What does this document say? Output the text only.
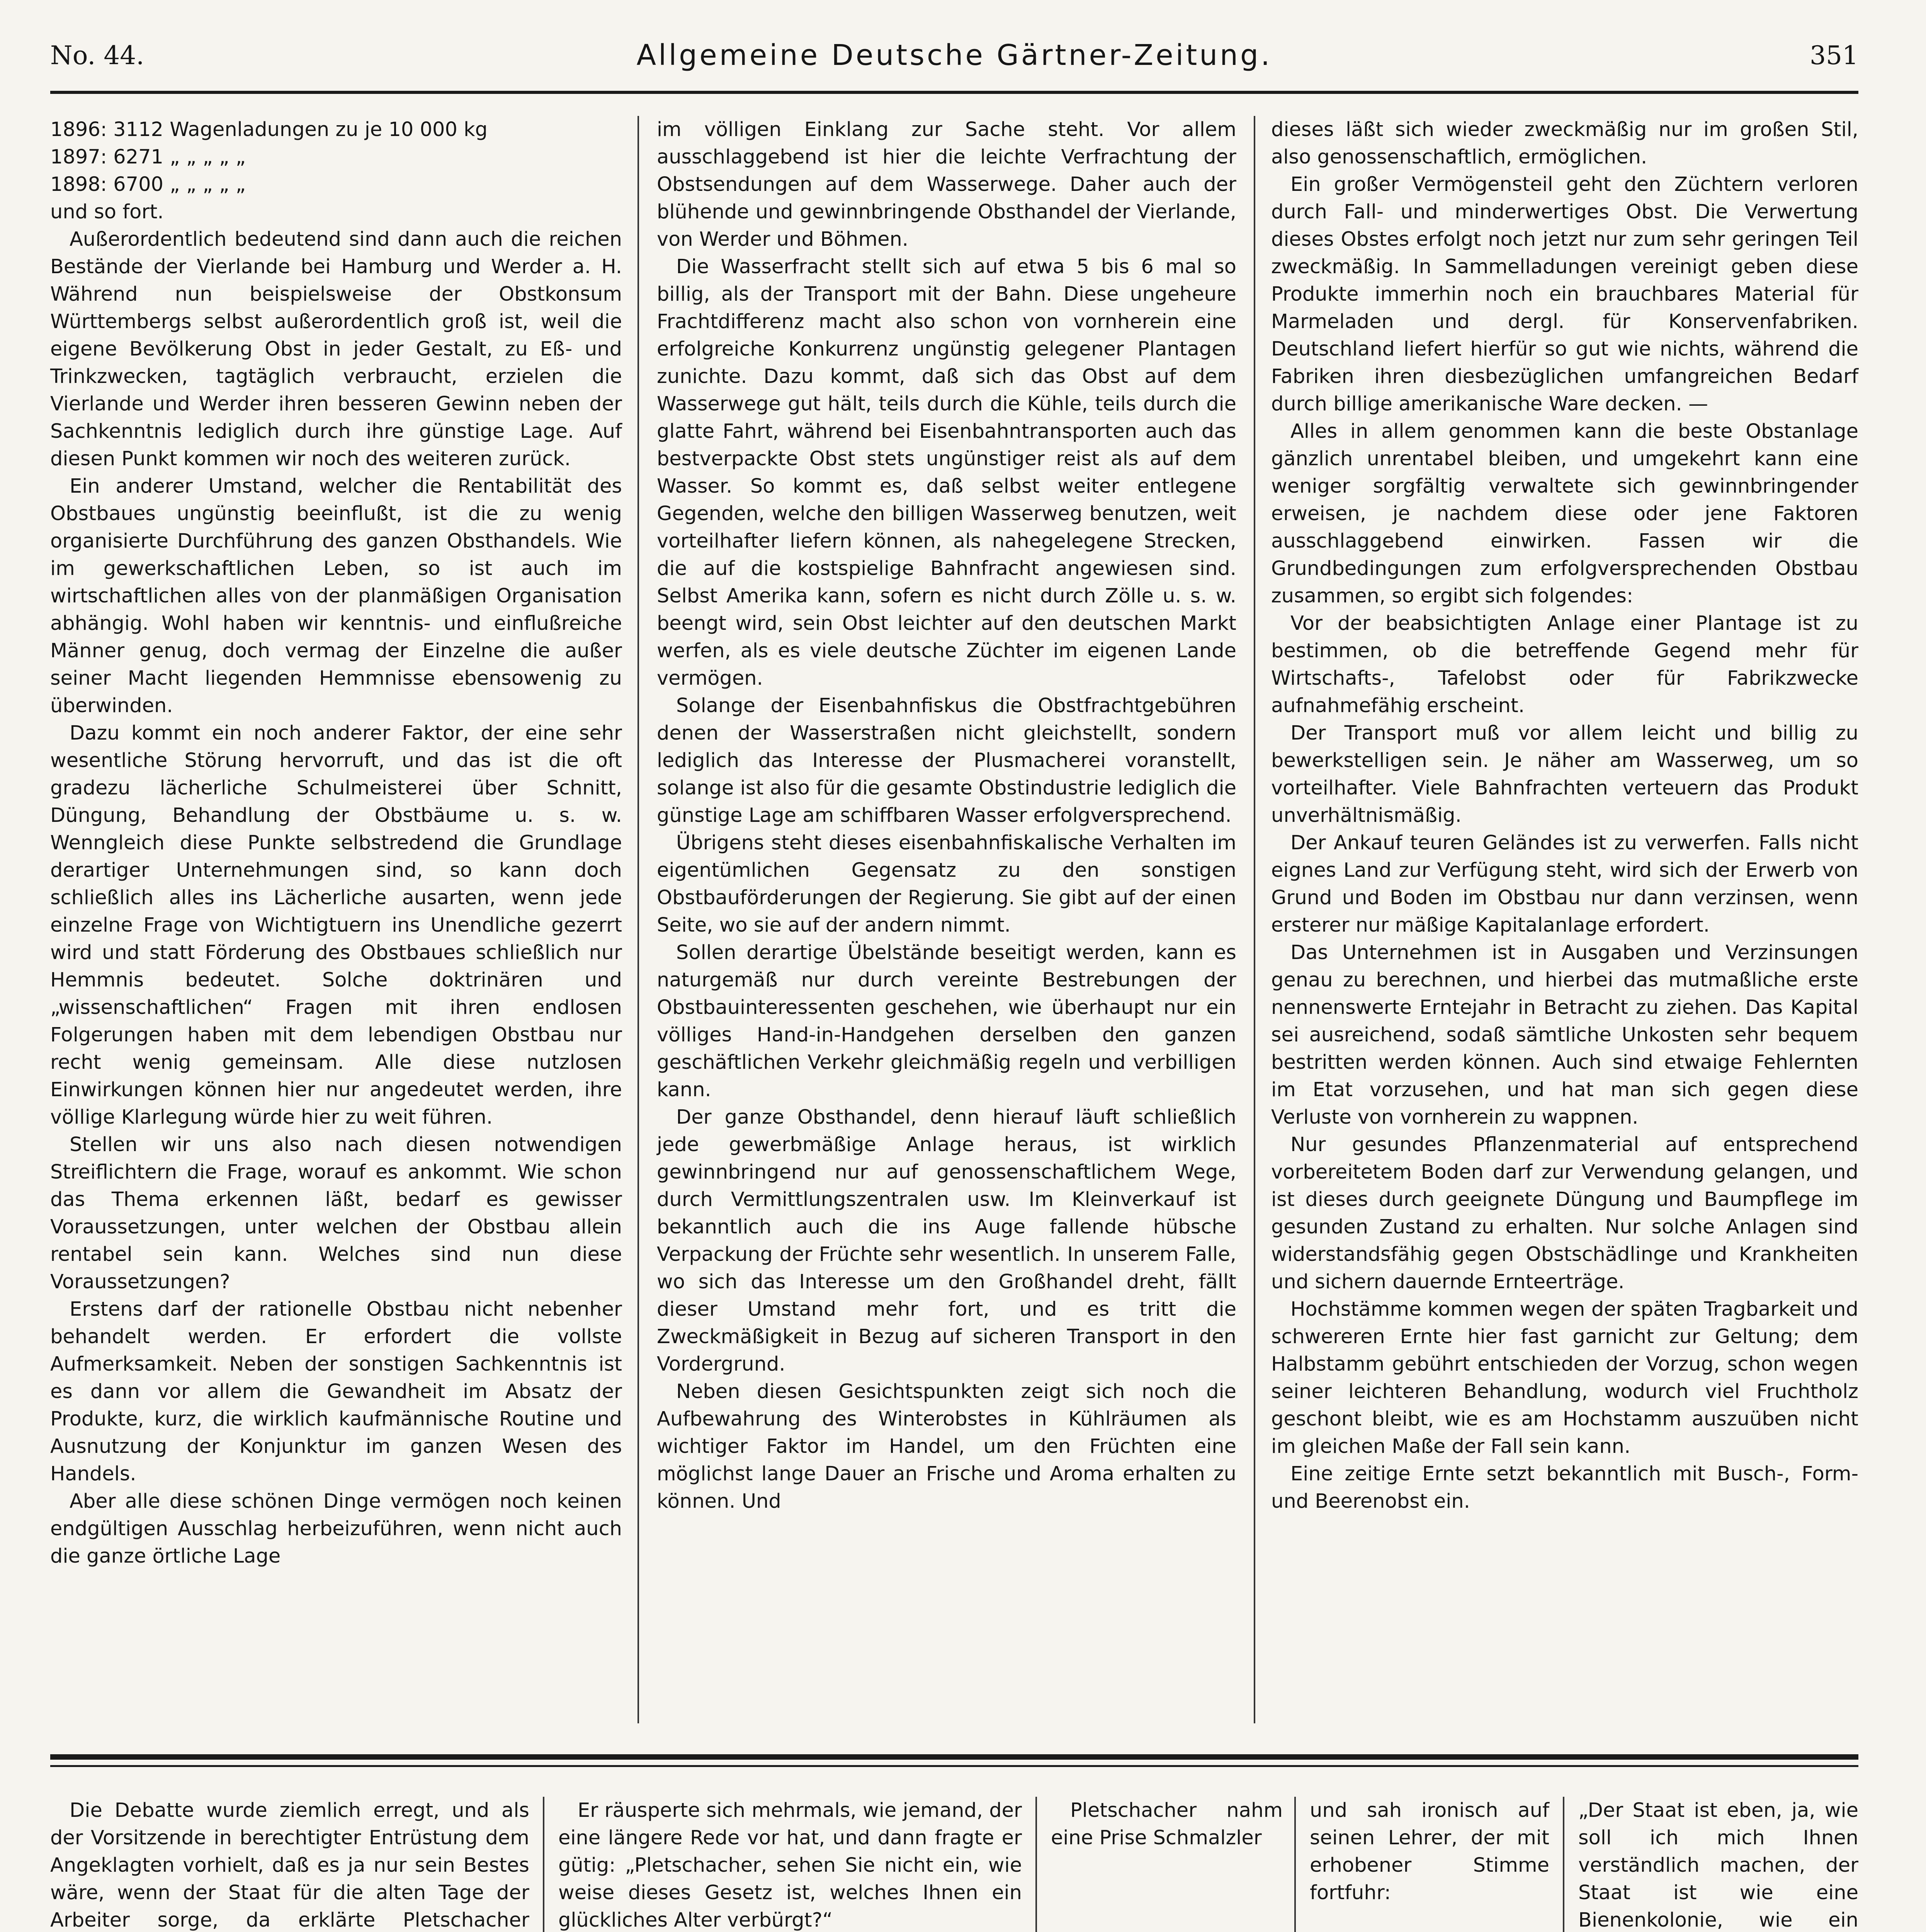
No. 44.	Allgemeine Deutsche Gärtner-Zeitung.	351

1896: 3112 Wagenladungen zu je 10 000 kg

1897: 6271 „ „ „ „ „

1898: 6700 „ „ „ „ „

und so fort.

Außerordentlich bedeutend sind dann auch die reichen Bestände der Vierlande bei Hamburg und Werder a. H. Während nun beispielsweise der Obstkonsum Württembergs selbst außerordentlich groß ist, weil die eigene Bevölkerung Obst in jeder Gestalt, zu Eß- und Trinkzwecken, tagtäglich verbraucht, erzielen die Vierlande und Werder ihren besseren Gewinn neben der Sachkenntnis lediglich durch ihre günstige Lage. Auf diesen Punkt kommen wir noch des weiteren zurück.

Ein anderer Umstand, welcher die Rentabilität des Obstbaues ungünstig beeinflußt, ist die zu wenig organisierte Durchführung des ganzen Obsthandels. Wie im gewerkschaftlichen Leben, so ist auch im wirtschaftlichen alles von der planmäßigen Organisation abhängig. Wohl haben wir kenntnis- und einflußreiche Männer genug, doch vermag der Einzelne die außer seiner Macht liegenden Hemmnisse ebensowenig zu überwinden.

Dazu kommt ein noch anderer Faktor, der eine sehr wesentliche Störung hervorruft, und das ist die oft gradezu lächerliche Schulmeisterei über Schnitt, Düngung, Behandlung der Obstbäume u. s. w. Wenngleich diese Punkte selbstredend die Grundlage derartiger Unternehmungen sind, so kann doch schließlich alles ins Lächerliche ausarten, wenn jede einzelne Frage von Wichtigtuern ins Unendliche gezerrt wird und statt Förderung des Obstbaues schließlich nur Hemmnis bedeutet. Solche doktrinären und „wissenschaftlichen“ Fragen mit ihren endlosen Folgerungen haben mit dem lebendigen Obstbau nur recht wenig gemeinsam. Alle diese nutzlosen Einwirkungen können hier nur angedeutet werden, ihre völlige Klarlegung würde hier zu weit führen.

Stellen wir uns also nach diesen notwendigen Streiflichtern die Frage, worauf es ankommt. Wie schon das Thema erkennen läßt, bedarf es gewisser Voraussetzungen, unter welchen der Obstbau allein rentabel sein kann. Welches sind nun diese Voraussetzungen?

Erstens darf der rationelle Obstbau nicht nebenher behandelt werden. Er erfordert die vollste Aufmerksamkeit. Neben der sonstigen Sachkenntnis ist es dann vor allem die Gewandheit im Absatz der Produkte, kurz, die wirklich kaufmännische Routine und Ausnutzung der Konjunktur im ganzen Wesen des Handels.

Aber alle diese schönen Dinge vermögen noch keinen endgültigen Ausschlag herbeizuführen, wenn nicht auch die ganze örtliche Lage

im völligen Einklang zur Sache steht. Vor allem ausschlaggebend ist hier die leichte Verfrachtung der Obstsendungen auf dem Wasserwege. Daher auch der blühende und gewinnbringende Obsthandel der Vierlande, von Werder und Böhmen.

Die Wasserfracht stellt sich auf etwa 5 bis 6 mal so billig, als der Transport mit der Bahn. Diese ungeheure Frachtdifferenz macht also schon von vornherein eine erfolgreiche Konkurrenz ungünstig gelegener Plantagen zunichte. Dazu kommt, daß sich das Obst auf dem Wasserwege gut hält, teils durch die Kühle, teils durch die glatte Fahrt, während bei Eisenbahntransporten auch das bestverpackte Obst stets ungünstiger reist als auf dem Wasser. So kommt es, daß selbst weiter entlegene Gegenden, welche den billigen Wasserweg benutzen, weit vorteilhafter liefern können, als nahegelegene Strecken, die auf die kostspielige Bahnfracht angewiesen sind. Selbst Amerika kann, sofern es nicht durch Zölle u. s. w. beengt wird, sein Obst leichter auf den deutschen Markt werfen, als es viele deutsche Züchter im eigenen Lande vermögen.

Solange der Eisenbahnfiskus die Obstfrachtgebühren denen der Wasserstraßen nicht gleichstellt, sondern lediglich das Interesse der Plusmacherei voranstellt, solange ist also für die gesamte Obstindustrie lediglich die günstige Lage am schiffbaren Wasser erfolgversprechend.

Übrigens steht dieses eisenbahnfiskalische Verhalten im eigentümlichen Gegensatz zu den sonstigen Obstbauförderungen der Regierung. Sie gibt auf der einen Seite, wo sie auf der andern nimmt.

Sollen derartige Übelstände beseitigt werden, kann es naturgemäß nur durch vereinte Bestrebungen der Obstbauinteressenten geschehen, wie überhaupt nur ein völliges Hand-in-Handgehen derselben den ganzen geschäftlichen Verkehr gleichmäßig regeln und verbilligen kann.

Der ganze Obsthandel, denn hierauf läuft schließlich jede gewerbmäßige Anlage heraus, ist wirklich gewinnbringend nur auf genossenschaftlichem Wege, durch Vermittlungszentralen usw. Im Kleinverkauf ist bekanntlich auch die ins Auge fallende hübsche Verpackung der Früchte sehr wesentlich. In unserem Falle, wo sich das Interesse um den Großhandel dreht, fällt dieser Umstand mehr fort, und es tritt die Zweckmäßigkeit in Bezug auf sicheren Transport in den Vordergrund.

Neben diesen Gesichtspunkten zeigt sich noch die Aufbewahrung des Winterobstes in Kühlräumen als wichtiger Faktor im Handel, um den Früchten eine möglichst lange Dauer an Frische und Aroma erhalten zu können. Und

dieses läßt sich wieder zweckmäßig nur im großen Stil, also genossenschaftlich, ermöglichen.

Ein großer Vermögensteil geht den Züchtern verloren durch Fall- und minderwertiges Obst. Die Verwertung dieses Obstes erfolgt noch jetzt nur zum sehr geringen Teil zweckmäßig. In Sammelladungen vereinigt geben diese Produkte immerhin noch ein brauchbares Material für Marmeladen und dergl. für Konservenfabriken. Deutschland liefert hierfür so gut wie nichts, während die Fabriken ihren diesbezüglichen umfangreichen Bedarf durch billige amerikanische Ware decken. —

Alles in allem genommen kann die beste Obstanlage gänzlich unrentabel bleiben, und umgekehrt kann eine weniger sorgfältig verwaltete sich gewinnbringender erweisen, je nachdem diese oder jene Faktoren ausschlaggebend einwirken. Fassen wir die Grundbedingungen zum erfolgversprechenden Obstbau zusammen, so ergibt sich folgendes:

Vor der beabsichtigten Anlage einer Plantage ist zu bestimmen, ob die betreffende Gegend mehr für Wirtschafts-, Tafelobst oder für Fabrikzwecke aufnahmefähig erscheint.

Der Transport muß vor allem leicht und billig zu bewerkstelligen sein. Je näher am Wasserweg, um so vorteilhafter. Viele Bahnfrachten verteuern das Produkt unverhältnismäßig.

Der Ankauf teuren Geländes ist zu verwerfen. Falls nicht eignes Land zur Verfügung steht, wird sich der Erwerb von Grund und Boden im Obstbau nur dann verzinsen, wenn ersterer nur mäßige Kapitalanlage erfordert.

Das Unternehmen ist in Ausgaben und Verzinsungen genau zu berechnen, und hierbei das mutmaßliche erste nennenswerte Erntejahr in Betracht zu ziehen. Das Kapital sei ausreichend, sodaß sämtliche Unkosten sehr bequem bestritten werden können. Auch sind etwaige Fehlernten im Etat vorzusehen, und hat man sich gegen diese Verluste von vornherein zu wappnen.

Nur gesundes Pflanzenmaterial auf entsprechend vorbereitetem Boden darf zur Verwendung gelangen, und ist dieses durch geeignete Düngung und Baumpflege im gesunden Zustand zu erhalten. Nur solche Anlagen sind widerstandsfähig gegen Obstschädlinge und Krankheiten und sichern dauernde Ernteerträge.

Hochstämme kommen wegen der späten Tragbarkeit und schwereren Ernte hier fast garnicht zur Geltung; dem Halbstamm gebührt entschieden der Vorzug, schon wegen seiner leichteren Behandlung, wodurch viel Fruchtholz geschont bleibt, wie es am Hochstamm auszuüben nicht im gleichen Maße der Fall sein kann.

Eine zeitige Ernte setzt bekanntlich mit Busch-, Form- und Beerenobst ein.

Die Debatte wurde ziemlich erregt, und als der Vorsitzende in berechtigter Entrüstung dem Angeklagten vorhielt, daß es ja nur sein Bestes wäre, wenn der Staat für die alten Tage der Arbeiter sorge, da erklärte Pletschacher

Er räusperte sich mehrmals, wie jemand, der eine längere Rede vor hat, und dann fragte er gütig: „Pletschacher, sehen Sie nicht ein, wie weise dieses Gesetz ist, welches Ihnen ein glückliches Alter verbürgt?“

Pletschacher nahm eine Prise Schmalzler

und sah ironisch auf seinen Lehrer, der mit erhobener Stimme fortfuhr:

„Der Staat ist eben, ja, wie soll ich mich Ihnen verständlich machen, der Staat ist wie eine Bienenkolonie, wie ein
